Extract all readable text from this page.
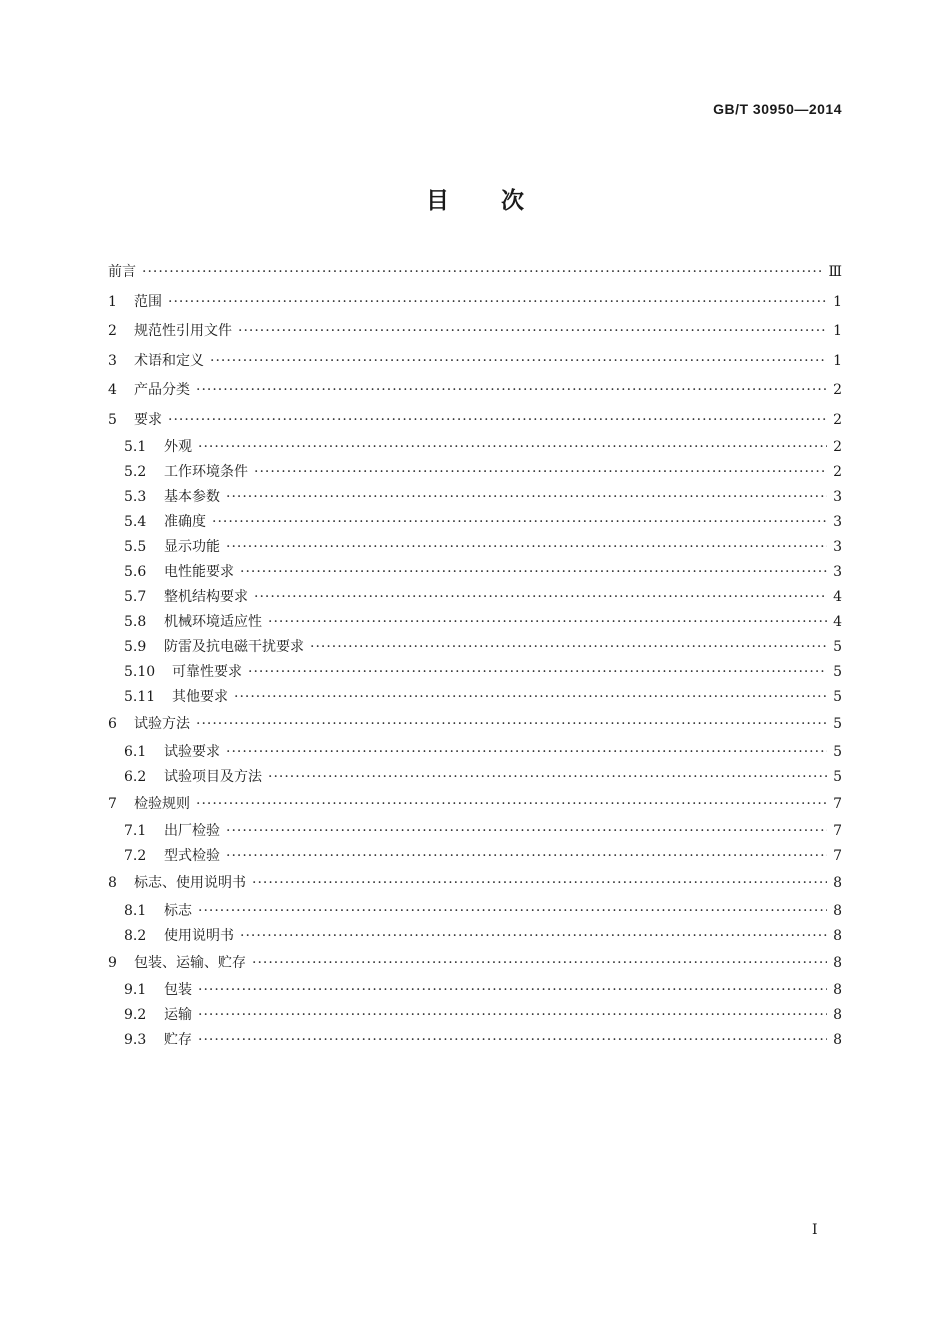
GB/T 30950—2014
目 次
前言 ·····	Ⅲ
1	范围 ·····	1
2	规范性引用文件 ·····	1
3	术语和定义 ·····	1
4	产品分类 ·····	2
5	要求 ·····	2
5.1	外观 ·····	2
5.2	工作环境条件 ·····	2
5.3	基本参数 ·····	3
5.4	准确度 ·····	3
5.5	显示功能 ·····	3
5.6	电性能要求 ·····	3
5.7	整机结构要求 ·····	4
5.8	机械环境适应性 ·····	4
5.9	防雷及抗电磁干扰要求 ·····	5
5.10	可靠性要求 ·····	5
5.11	其他要求 ·····	5
6	试验方法 ·····	5
6.1	试验要求 ·····	5
6.2	试验项目及方法 ·····	5
7	检验规则 ·····	7
7.1	出厂检验 ·····	7
7.2	型式检验 ·····	7
8	标志、使用说明书 ·····	8
8.1	标志 ·····	8
8.2	使用说明书 ·····	8
9	包装、运输、贮存 ·····	8
9.1	包装 ·····	8
9.2	运输 ·····	8
9.3	贮存 ·····	8
I
